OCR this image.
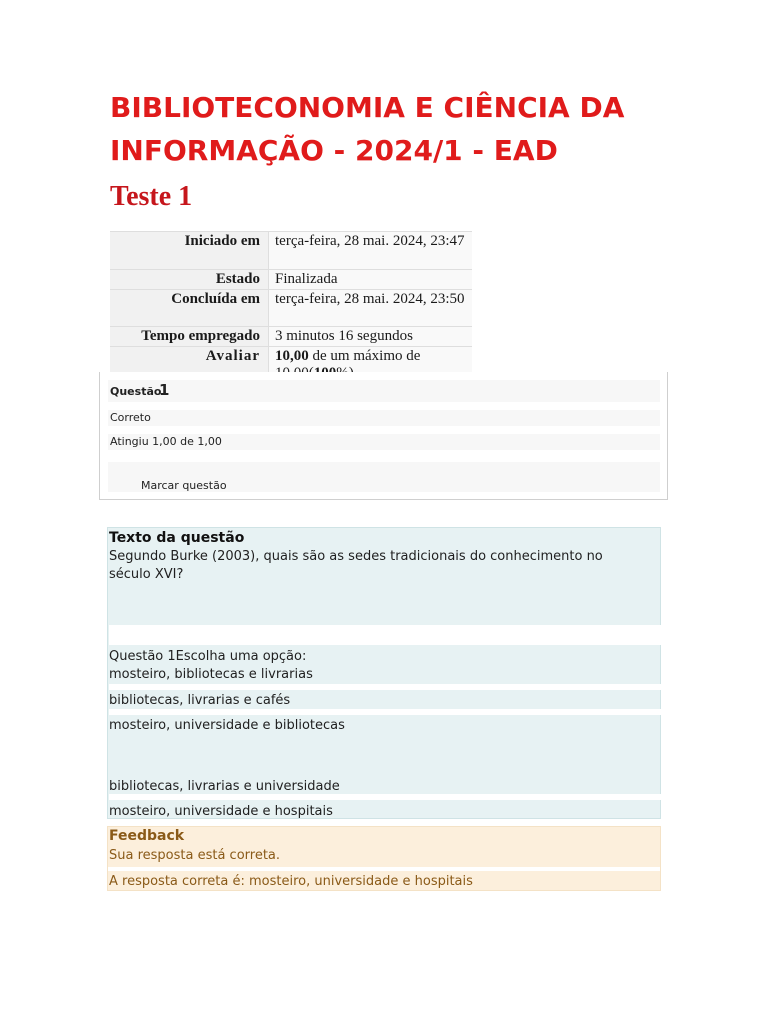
BIBLIOTECONOMIA E CIÊNCIA DA INFORMAÇÃO - 2024/1 - EAD
Teste 1
Iniciado em	terça-feira, 28 mai. 2024, 23:47
Estado	Finalizada
Concluída em	terça-feira, 28 mai. 2024, 23:50
Tempo empregado	3 minutos 16 segundos
Avaliar	10,00 de um máximo de
Questão
1
Correto
Atingiu 1,00 de 1,00
Marcar questão
Texto da questão
Segundo Burke (2003), quais são as sedes tradicionais do conhecimento no
século XVI?
Questão 1Escolha uma opção:
mosteiro, bibliotecas e livrarias
bibliotecas, livrarias e cafés
mosteiro, universidade e bibliotecas
bibliotecas, livrarias e universidade
mosteiro, universidade e hospitais
Feedback
Sua resposta está correta.
A resposta correta é: mosteiro, universidade e hospitais
